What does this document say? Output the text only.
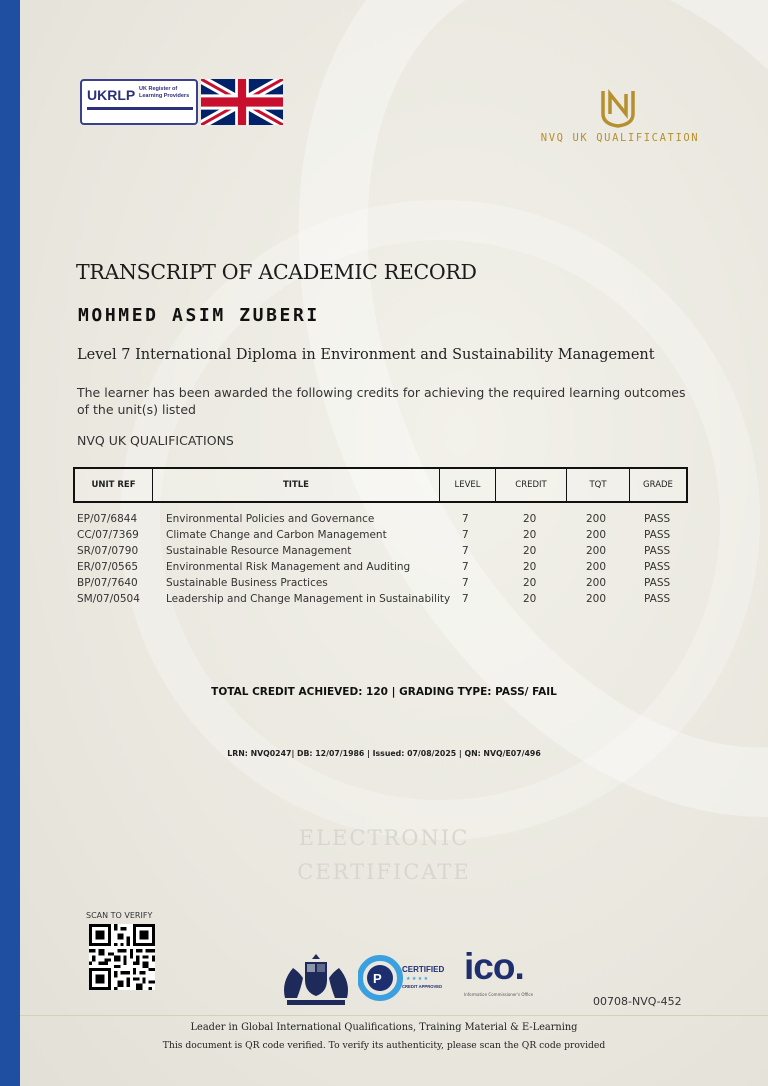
UKRLP UK Register of Learning Providers
NVQ UK QUALIFICATION
TRANSCRIPT OF ACADEMIC RECORD
MOHMED ASIM ZUBERI
Level 7 International Diploma in Environment and Sustainability Management
The learner has been awarded the following credits for achieving the required learning outcomes of the unit(s) listed
NVQ UK QUALIFICATIONS
UNIT REF	TITLE	LEVEL	CREDIT	TQT	GRADE
EP/07/6844	Environmental Policies and Governance	7	20	200	PASS
CC/07/7369	Climate Change and Carbon Management	7	20	200	PASS
SR/07/0790	Sustainable Resource Management	7	20	200	PASS
ER/07/0565	Environmental Risk Management and Auditing	7	20	200	PASS
BP/07/7640	Sustainable Business Practices	7	20	200	PASS
SM/07/0504 Leadership and Change Management in Sustainability 7	20	200	PASS
TOTAL CREDIT ACHIEVED: 120 | GRADING TYPE: PASS/ FAIL
LRN: NVQ0247| DB: 12/07/1986 | Issued: 07/08/2025 | QN: NVQ/E07/496
ELECTRONIC
CERTIFICATE
SCAN TO VERIFY
P
CERTIFIED
★ ★ ★ ★
CREDIT APPROVED ico.
Information Commissioner's Office
00708-NVQ-452
Leader in Global International Qualifications, Training Material & E-Learning
This document is QR code verified. To verify its authenticity, please scan the QR code provided
